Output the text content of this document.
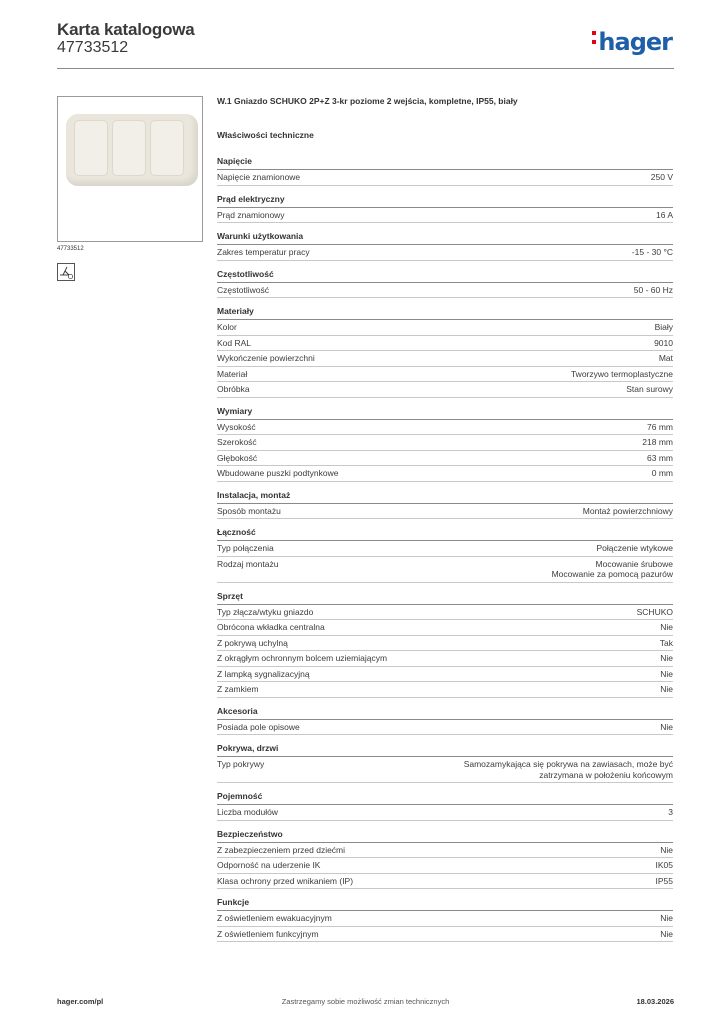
Karta katalogowa
47733512	hager
47733512
W.1 Gniazdo SCHUKO 2P+Z 3-kr poziome 2 wejścia, kompletne, IP55, biały
Właściwości techniczne
Napięcie
Napięcie znamionowe	250 V
Prąd elektryczny
Prąd znamionowy	16 A
Warunki użytkowania
Zakres temperatur pracy	-15 - 30 °C
Częstotliwość
Częstotliwość	50 - 60 Hz
Materiały
Kolor	Biały
Kod RAL	9010
Wykończenie powierzchni	Mat
Materiał	Tworzywo termoplastyczne
Obróbka	Stan surowy
Wymiary
Wysokość	76 mm
Szerokość	218 mm
Głębokość	63 mm
Wbudowane puszki podtynkowe	0 mm
Instalacja, montaż
Sposób montażu	Montaż powierzchniowy
Łączność
Typ połączenia	Połączenie wtykowe
Rodzaj montażu	Mocowanie śrubowe
Mocowanie za pomocą pazurów
Sprzęt
Typ złącza/wtyku gniazdo	SCHUKO
Obrócona wkładka centralna	Nie
Z pokrywą uchylną	Tak
Z okrągłym ochronnym bolcem uziemiającym	Nie
Z lampką sygnalizacyjną	Nie
Z zamkiem	Nie
Akcesoria
Posiada pole opisowe	Nie
Pokrywa, drzwi
Typ pokrywy	Samozamykająca się pokrywa na zawiasach, może być
zatrzymana w położeniu końcowym
Pojemność
Liczba modułów	3
Bezpieczeństwo
Z zabezpieczeniem przed dziećmi	Nie
Odporność na uderzenie IK	IK05
Klasa ochrony przed wnikaniem (IP)	IP55
Funkcje
Z oświetleniem ewakuacyjnym	Nie
Z oświetleniem funkcyjnym	Nie
hager.com/pl	Zastrzegamy sobie możliwość zmian technicznych	18.03.2026
